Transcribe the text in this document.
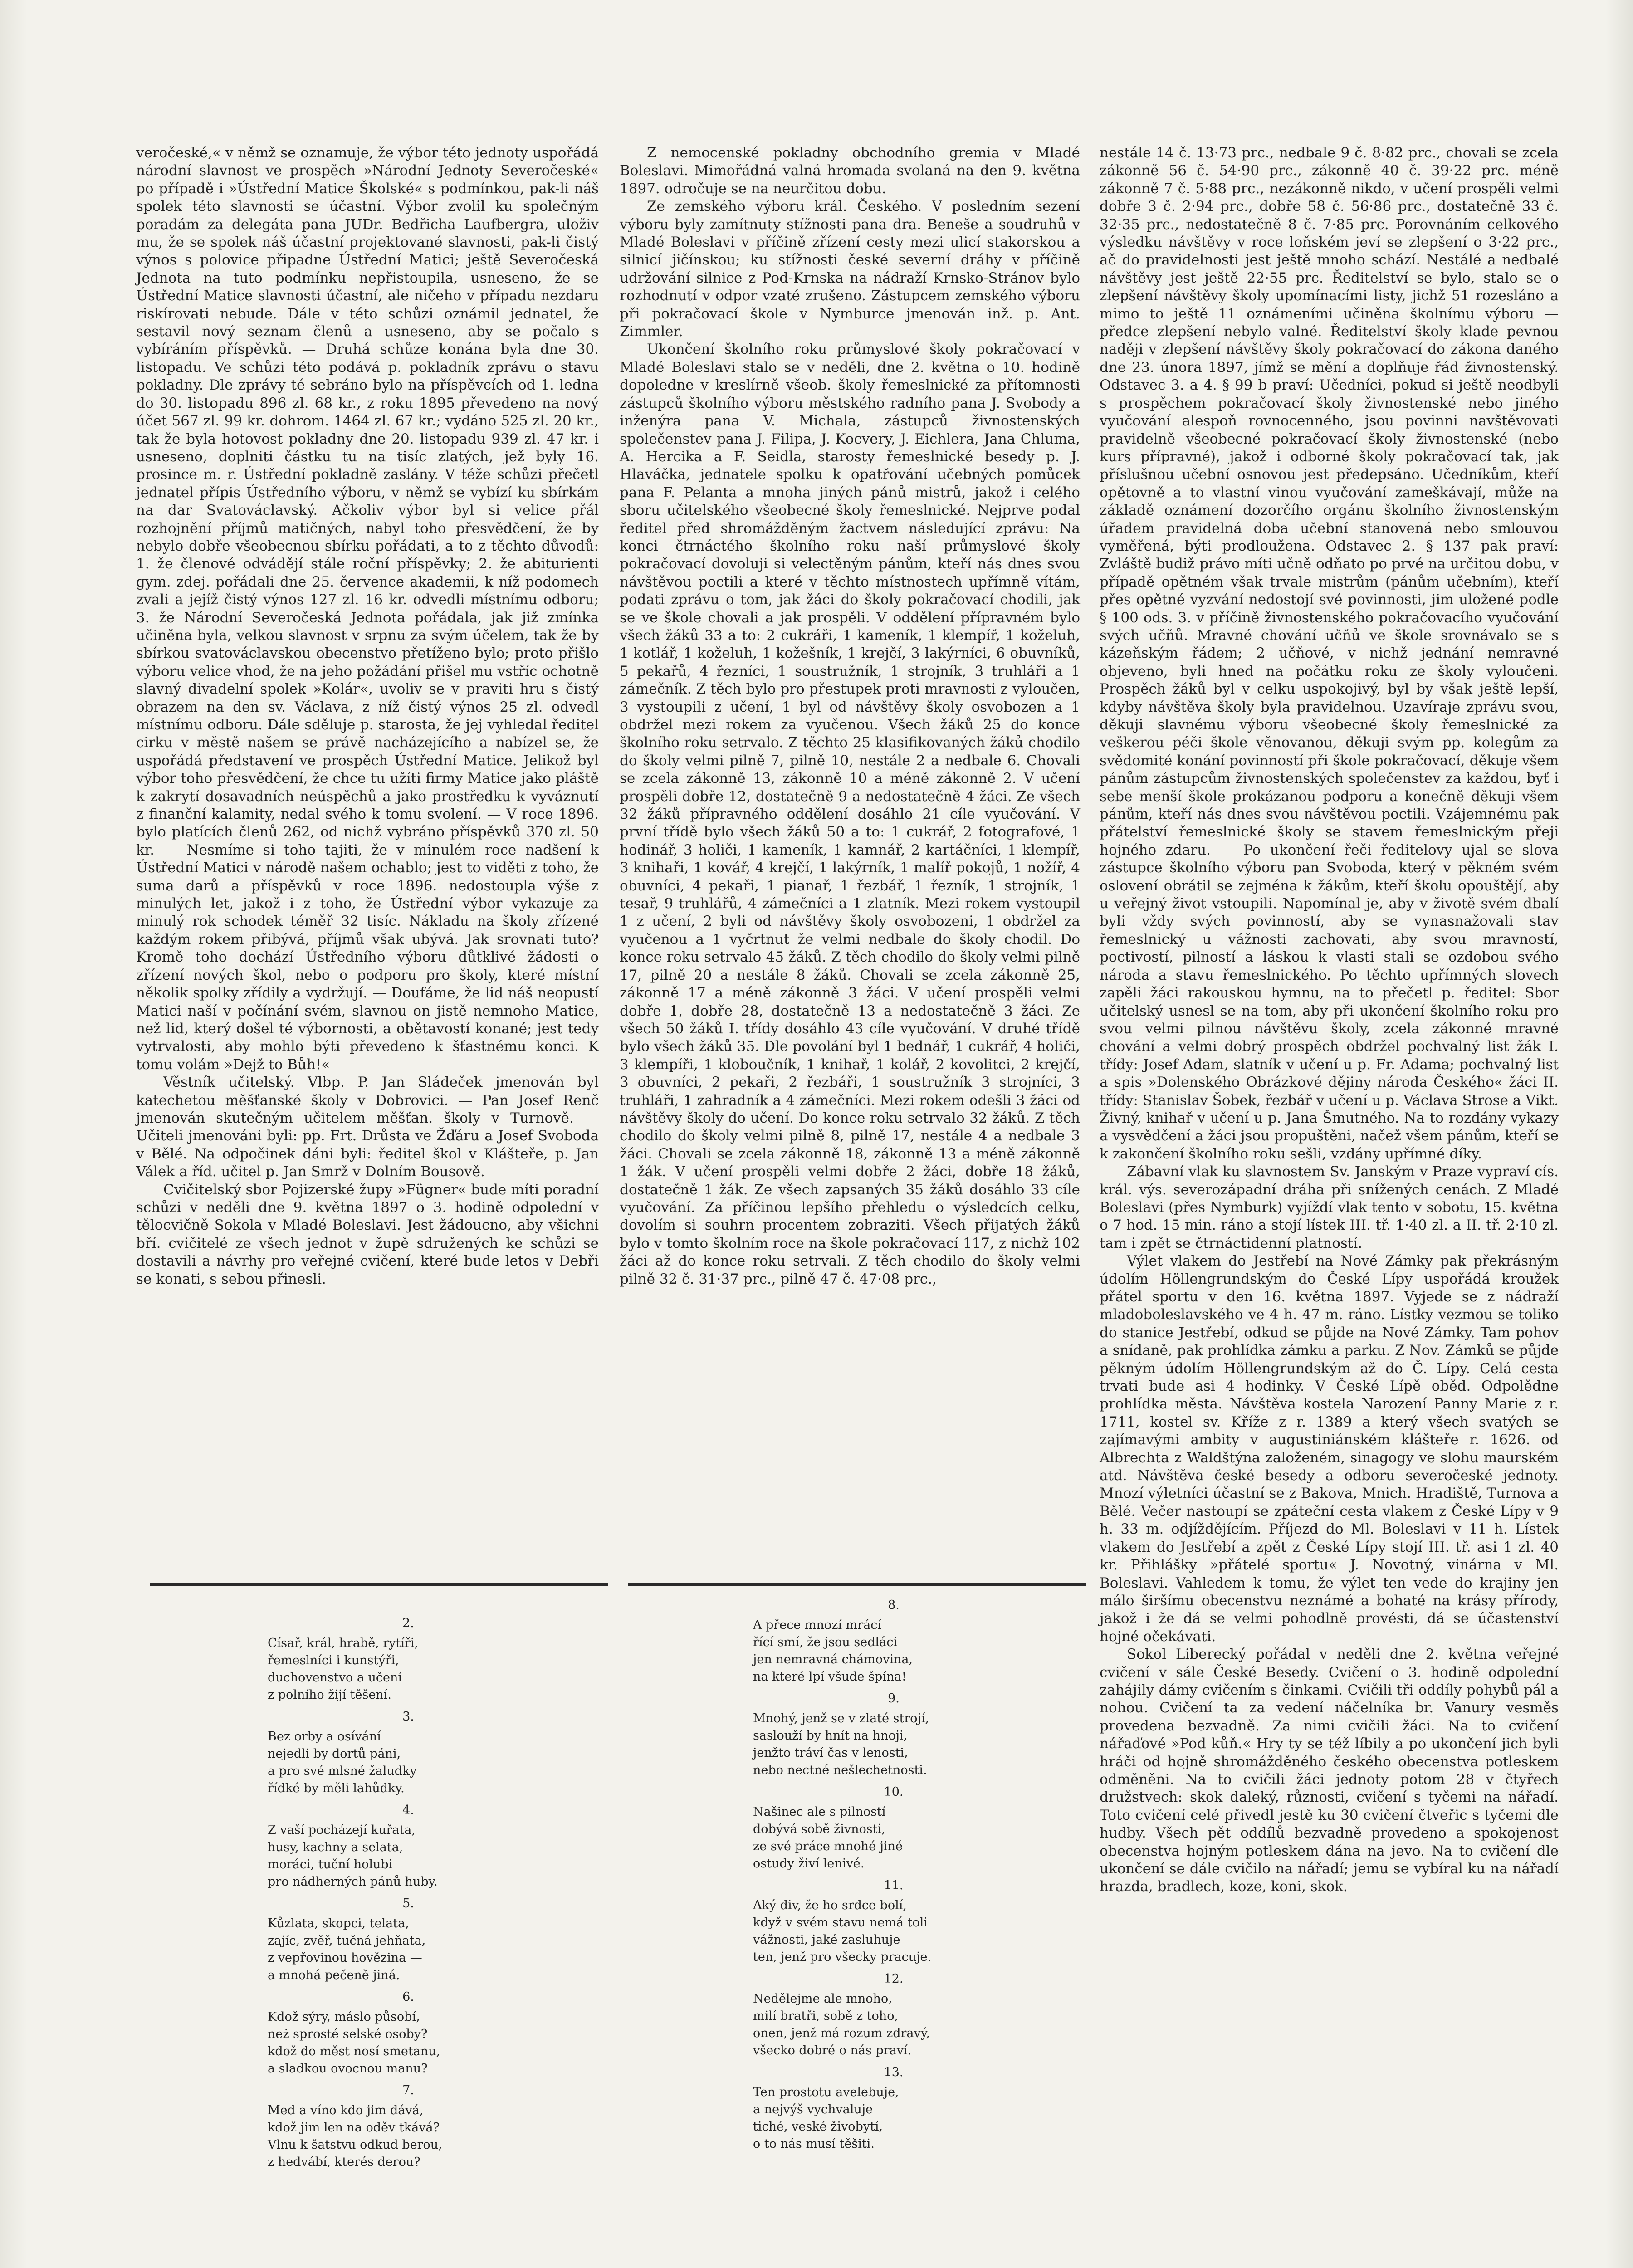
veročeské,« v němž se oznamuje, že výbor této jednoty uspořádá národní slavnost ve prospěch »Národní Jednoty Severočeské« po případě i »Ústřední Matice Školské« s podmínkou, pak-li náš spolek této slavnosti se účastní. Výbor zvolil ku společným poradám za delegáta pana JUDr. Bedřicha Laufbergra, uloživ mu, že se spolek náš účastní projektované slavnosti, pak-li čistý výnos s polovice připadne Ústřední Matici; ještě Severočeská Jednota na tuto podmínku nepřistoupila, usneseno, že se Ústřední Matice slavnosti účastní, ale ničeho v případu nezdaru riskírovati nebude. Dále v této schůzi oznámil jednatel, že sestavil nový seznam členů a usneseno, aby se počalo s vybíráním příspěvků. — Druhá schůze konána byla dne 30. listopadu. Ve schůzi této podává p. pokladník zprávu o stavu pokladny. Dle zprávy té sebráno bylo na příspěvcích od 1. ledna do 30. listopadu 896 zl. 68 kr., z roku 1895 převedeno na nový účet 567 zl. 99 kr. dohrom. 1464 zl. 67 kr.; vydáno 525 zl. 20 kr., tak že byla hotovost pokladny dne 20. listopadu 939 zl. 47 kr. i usneseno, doplniti částku tu na tisíc zlatých, jež byly 16. prosince m. r. Ústřední pokladně zaslány. V téže schůzi přečetl jednatel přípis Ústředního výboru, v němž se vybízí ku sbírkám na dar Svatováclavský. Ačkoliv výbor byl si velice přál rozhojnění příjmů matičných, nabyl toho přesvědčení, že by nebylo dobře všeobecnou sbírku pořádati, a to z těchto důvodů: 1. že členové odvádějí stále roční příspěvky; 2. že abiturienti gym. zdej. pořádali dne 25. července akademii, k níž podomech zvali a jejíž čistý výnos 127 zl. 16 kr. odvedli místnímu odboru; 3. že Národní Severočeská Jednota pořádala, jak již zmínka učiněna byla, velkou slavnost v srpnu za svým účelem, tak že by sbírkou svatováclavskou obecenstvo přetíženo bylo; proto přišlo výboru velice vhod, že na jeho požádání přišel mu vstříc ochotně slavný divadelní spolek »Kolár«, uvoliv se v praviti hru s čistý obrazem na den sv. Václava, z níž čistý výnos 25 zl. odvedl místnímu odboru. Dále sděluje p. starosta, že jej vyhledal ředitel cirku v městě našem se právě nacházejícího a nabízel se, že uspořádá představení ve prospěch Ústřední Matice. Jelikož byl výbor toho přesvědčení, že chce tu užíti firmy Matice jako pláště k zakrytí dosavadních neúspěchů a jako prostředku k vyváznutí z finanční kalamity, nedal svého k tomu svolení. — V roce 1896. bylo platících členů 262, od nichž vybráno příspěvků 370 zl. 50 kr. — Nesmíme si toho tajiti, že v minulém roce nadšení k Ústřední Matici v národě našem ochablo; jest to viděti z toho, že suma darů a příspěvků v roce 1896. nedostoupla výše z minulých let, jakož i z toho, že Ústřední výbor vykazuje za minulý rok schodek téměř 32 tisíc. Nákladu na školy zřízené každým rokem přibývá, příjmů však ubývá. Jak srovnati tuto? Kromě toho dochází Ústředního výboru důtklivé žádosti o zřízení nových škol, nebo o podporu pro školy, které místní několik spolky zřídily a vydržují. — Doufáme, že lid náš neopustí Matici naší v počínání svém, slavnou on jistě nemnoho Matice, než lid, který došel té výbornosti, a obětavostí konané; jest tedy vytrvalosti, aby mohlo býti převedeno k šťastnému konci. K tomu volám »Dejž to Bůh!«

Věstník učitelský. Vlbp. P. Jan Sládeček jmenován byl katechetou měšťanské školy v Dobrovici. — Pan Josef Renč jmenován skutečným učitelem měšťan. školy v Turnově. — Učiteli jmenováni byli: pp. Frt. Drůsta ve Žďáru a Josef Svoboda v Bělé. Na odpočinek dáni byli: ředitel škol v Klášteře, p. Jan Válek a říd. učitel p. Jan Smrž v Dolním Bousově.

Cvičitelský sbor Pojizerské župy »Fügner« bude míti poradní schůzi v neděli dne 9. května 1897 o 3. hodině odpolední v tělocvičně Sokola v Mladé Boleslavi. Jest žádoucno, aby všichni bří. cvičitelé ze všech jednot v župě sdružených ke schůzi se dostavili a návrhy pro veřejné cvičení, které bude letos v Debři se konati, s sebou přinesli.

Z nemocenské pokladny obchodního gremia v Mladé Boleslavi. Mimořádná valná hromada svolaná na den 9. května 1897. odročuje se na neurčitou dobu.

Ze zemského výboru král. Českého. V posledním sezení výboru byly zamítnuty stížnosti pana dra. Beneše a soudruhů v Mladé Boleslavi v příčině zřízení cesty mezi ulicí stakorskou a silnicí jičínskou; ku stížnosti české severní dráhy v příčině udržování silnice z Pod-Krnska na nádraží Krnsko-Stránov bylo rozhodnutí v odpor vzaté zrušeno. Zástupcem zemského výboru při pokračovací škole v Nymburce jmenován inž. p. Ant. Zimmler.

Ukončení školního roku průmyslové školy pokračovací v Mladé Boleslavi stalo se v neděli, dne 2. května o 10. hodině dopoledne v kreslírně všeob. školy řemeslnické za přítomnosti zástupců školního výboru městského radního pana J. Svobody a inženýra pana V. Michala, zástupců živnostenských společenstev pana J. Filipa, J. Kocvery, J. Eichlera, Jana Chluma, A. Hercika a F. Seidla, starosty řemeslnické besedy p. J. Hlaváčka, jednatele spolku k opatřování učebných pomůcek pana F. Pelanta a mnoha jiných pánů mistrů, jakož i celého sboru učitelského všeobecné školy řemeslnické. Nejprve podal ředitel před shromážděným žactvem následující zprávu: Na konci čtrnáctého školního roku naší průmyslové školy pokračovací dovoluji si velectěným pánům, kteří nás dnes svou návštěvou poctili a které v těchto místnostech upřímně vítám, podati zprávu o tom, jak žáci do školy pokračovací chodili, jak se ve škole chovali a jak prospěli. V oddělení přípravném bylo všech žáků 33 a to: 2 cukráři, 1 kameník, 1 klempíř, 1 koželuh, 1 kotlář, 1 koželuh, 1 kožešník, 1 krejčí, 3 lakýrníci, 6 obuvníků, 5 pekařů, 4 řezníci, 1 soustružník, 1 strojník, 3 truhláři a 1 zámečník. Z těch bylo pro přestupek proti mravnosti z vyloučen, 3 vystoupili z učení, 1 byl od návštěvy školy osvobozen a 1 obdržel mezi rokem za vyučenou. Všech žáků 25 do konce školního roku setrvalo. Z těchto 25 klasifikovaných žáků chodilo do školy velmi pilně 7, pilně 10, nestále 2 a nedbale 6. Chovali se zcela zákonně 13, zákonně 10 a méně zákonně 2. V učení prospěli dobře 12, dostatečně 9 a nedostatečně 4 žáci. Ze všech 32 žáků přípravného oddělení dosáhlo 21 cíle vyučování. V první třídě bylo všech žáků 50 a to: 1 cukrář, 2 fotografové, 1 hodinář, 3 holiči, 1 kameník, 1 kamnář, 2 kartáčníci, 1 klempíř, 3 knihaři, 1 kovář, 4 krejčí, 1 lakýrník, 1 malíř pokojů, 1 nožíř, 4 obuvníci, 4 pekaři, 1 pianař, 1 řezbář, 1 řezník, 1 strojník, 1 tesař, 9 truhlářů, 4 zámečníci a 1 zlatník. Mezi rokem vystoupil 1 z učení, 2 byli od návštěvy školy osvobozeni, 1 obdržel za vyučenou a 1 vyčrtnut že velmi nedbale do školy chodil. Do konce roku setrvalo 45 žáků. Z těch chodilo do školy velmi pilně 17, pilně 20 a nestále 8 žáků. Chovali se zcela zákonně 25, zákonně 17 a méně zákonně 3 žáci. V učení prospěli velmi dobře 1, dobře 28, dostatečně 13 a nedostatečně 3 žáci. Ze všech 50 žáků I. třídy dosáhlo 43 cíle vyučování. V druhé třídě bylo všech žáků 35. Dle povolání byl 1 bednář, 1 cukrář, 4 holiči, 3 klempíři, 1 kloboučník, 1 knihař, 1 kolář, 2 kovolitci, 2 krejčí, 3 obuvníci, 2 pekaři, 2 řezbáři, 1 soustružník 3 strojníci, 3 truhláři, 1 zahradník a 4 zámečníci. Mezi rokem odešli 3 žáci od návštěvy školy do učení. Do konce roku setrvalo 32 žáků. Z těch chodilo do školy velmi pilně 8, pilně 17, nestále 4 a nedbale 3 žáci. Chovali se zcela zákonně 18, zákonně 13 a méně zákonně 1 žák. V učení prospěli velmi dobře 2 žáci, dobře 18 žáků, dostatečně 1 žák. Ze všech zapsaných 35 žáků dosáhlo 33 cíle vyučování. Za příčinou lepšího přehledu o výsledcích celku, dovolím si souhrn procentem zobraziti. Všech přijatých žáků bylo v tomto školním roce na škole pokračovací 117, z nichž 102 žáci až do konce roku setrvali. Z těch chodilo do školy velmi pilně 32 č. 31·37 prc., pilně 47 č. 47·08 prc.,

nestále 14 č. 13·73 prc., nedbale 9 č. 8·82 prc., chovali se zcela zákonně 56 č. 54·90 prc., zákonně 40 č. 39·22 prc. méně zákonně 7 č. 5·88 prc., nezákonně nikdo, v učení prospěli velmi dobře 3 č. 2·94 prc., dobře 58 č. 56·86 prc., dostatečně 33 č. 32·35 prc., nedostatečně 8 č. 7·85 prc. Porovnáním celkového výsledku návštěvy v roce loňském jeví se zlepšení o 3·22 prc., ač do pravidelnosti jest ještě mnoho schází. Nestálé a nedbalé návštěvy jest ještě 22·55 prc. Ředitelství se bylo, stalo se o zlepšení návštěvy školy upomínacími listy, jichž 51 rozesláno a mimo to ještě 11 oznámeními učiněna školnímu výboru — předce zlepšení nebylo valné. Ředitelství školy klade pevnou naději v zlepšení návštěvy školy pokračovací do zákona daného dne 23. února 1897, jímž se mění a doplňuje řád živnostenský. Odstavec 3. a 4. § 99 b praví: Učedníci, pokud si ještě neodbyli s prospěchem pokračovací školy živnostenské nebo jiného vyučování alespoň rovnocenného, jsou povinni navštěvovati pravidelně všeobecné pokračovací školy živnostenské (nebo kurs přípravné), jakož i odborné školy pokračovací tak, jak příslušnou učební osnovou jest předepsáno. Učedníkům, kteří opětovně a to vlastní vinou vyučování zameškávají, může na základě oznámení dozorčího orgánu školního živnostenským úřadem pravidelná doba učební stanovená nebo smlouvou vyměřená, býti prodloužena. Odstavec 2. § 137 pak praví: Zvláště budiž právo míti učně odňato po prvé na určitou dobu, v případě opětném však trvale mistrům (pánům učebním), kteří přes opětné vyzvání nedostojí své povinnosti, jim uložené podle § 100 ods. 3. v příčině živnostenského pokračovacího vyučování svých učňů. Mravné chování učňů ve škole srovnávalo se s kázeňským řádem; 2 učňové, v nichž jednání nemravné objeveno, byli hned na počátku roku ze školy vyloučeni. Prospěch žáků byl v celku uspokojivý, byl by však ještě lepší, kdyby návštěva školy byla pravidelnou. Uzavíraje zprávu svou, děkuji slavnému výboru všeobecné školy řemeslnické za veškerou péči škole věnovanou, děkuji svým pp. kolegům za svědomité konání povinností při škole pokračovací, děkuje všem pánům zástupcům živnostenských společenstev za každou, byť i sebe menší škole prokázanou podporu a konečně děkuji všem pánům, kteří nás dnes svou návštěvou poctili. Vzájemnému pak přátelství řemeslnické školy se stavem řemeslnickým přeji hojného zdaru. — Po ukončení řeči ředitelovy ujal se slova zástupce školního výboru pan Svoboda, který v pěkném svém oslovení obrátil se zejména k žákům, kteří školu opouštějí, aby u veřejný život vstoupili. Napomínal je, aby v životě svém dbalí byli vždy svých povinností, aby se vynasnažovali stav řemeslnický u vážnosti zachovati, aby svou mravností, poctivostí, pilností a láskou k vlasti stali se ozdobou svého národa a stavu řemeslnického. Po těchto upřímných slovech zapěli žáci rakouskou hymnu, na to přečetl p. ředitel: Sbor učitelský usnesl se na tom, aby při ukončení školního roku pro svou velmi pilnou návštěvu školy, zcela zákonné mravné chování a velmi dobrý prospěch obdržel pochvalný list žák I. třídy: Josef Adam, slatník v učení u p. Fr. Adama; pochvalný list a spis »Dolenského Obrázkové dějiny národa Českého« žáci II. třídy: Stanislav Šobek, řezbář v učení u p. Václava Strose a Vikt. Živný, knihař v učení u p. Jana Šmutného. Na to rozdány vykazy a vysvědčení a žáci jsou propuštěni, načež všem pánům, kteří se k zakončení školního roku sešli, vzdány upřímné díky.

Zábavní vlak ku slavnostem Sv. Janským v Praze vypraví cís. král. výs. severozápadní dráha při snížených cenách. Z Mladé Boleslavi (přes Nymburk) vyjíždí vlak tento v sobotu, 15. května o 7 hod. 15 min. ráno a stojí lístek III. tř. 1·40 zl. a II. tř. 2·10 zl. tam i zpět se čtrnáctidenní platností.

Výlet vlakem do Jestřebí na Nové Zámky pak překrásným údolím Höllengrundským do České Lípy uspořádá kroužek přátel sportu v den 16. května 1897. Vyjede se z nádraží mladoboleslavského ve 4 h. 47 m. ráno. Lístky vezmou se toliko do stanice Jestřebí, odkud se půjde na Nové Zámky. Tam pohov a snídaně, pak prohlídka zámku a parku. Z Nov. Zámků se půjde pěkným údolím Höllengrundským až do Č. Lípy. Celá cesta trvati bude asi 4 hodinky. V České Lípě oběd. Odpolědne prohlídka města. Návštěva kostela Narození Panny Marie z r. 1711, kostel sv. Kříže z r. 1389 a který všech svatých se zajímavými ambity v augustiniánském klášteře r. 1626. od Albrechta z Waldštýna založeném, sinagogy ve slohu maurském atd. Návštěva české besedy a odboru severočeské jednoty. Mnozí výletníci účastní se z Bakova, Mnich. Hradiště, Turnova a Bělé. Večer nastoupí se zpáteční cesta vlakem z České Lípy v 9 h. 33 m. odjíždějícím. Příjezd do Ml. Boleslavi v 11 h. Lístek vlakem do Jestřebí a zpět z České Lípy stojí III. tř. asi 1 zl. 40 kr. Přihlášky »přátelé sportu« J. Novotný, vinárna v Ml. Boleslavi. Vahledem k tomu, že výlet ten vede do krajiny jen málo širšímu obecenstvu neznámé a bohaté na krásy přírody, jakož i že dá se velmi pohodlně provésti, dá se účastenství hojné očekávati.

Sokol Liberecký pořádal v neděli dne 2. května veřejné cvičení v sále České Besedy. Cvičení o 3. hodině odpolední zahájily dámy cvičením s činkami. Cvičili tři oddíly pohybů pál a nohou. Cvičení ta za vedení náčelníka br. Vanury vesměs provedena bezvadně. Za nimi cvičili žáci. Na to cvičení nářaďové »Pod kůň.« Hry ty se též líbily a po ukončení jich byli hráči od hojně shromážděného českého obecenstva potleskem odměněni. Na to cvičili žáci jednoty potom 28 v čtyřech družstvech: skok daleký, různosti, cvičení s tyčemi na nářadí. Toto cvičení celé přivedl jestě ku 30 cvičení čtveřic s tyčemi dle hudby. Všech pět oddílů bezvadně provedeno a spokojenost obecenstva hojným potleskem dána na jevo. Na to cvičení dle ukončení se dále cvičilo na nářadí; jemu se vybíral ku na nářadí hrazda, bradlech, koze, koni, skok.

2.
Císař, král, hrabě, rytíři,
řemeslníci i kunstýři,
duchovenstvo a učení
z polního žijí těšení.
3.
Bez orby a osívání
nejedli by dortů páni,
a pro své mlsné žaludky
řídké by měli lahůdky.
4.
Z vaší pocházejí kuřata,
husy, kachny a selata,
moráci, tuční holubi
pro nádherných pánů huby.
5.
Kůzlata, skopci, telata,
zajíc, zvěř, tučná jehňata,
z vepřovinou hovězina —
a mnohá pečeně jiná.
6.
Kdož sýry, máslo působí,
neż sprosté selské osoby?
kdož do měst nosí smetanu,
a sladkou ovocnou manu?
7.
Med a víno kdo jim dává,
kdož jim len na oděv tkává?
Vlnu k šatstvu odkud berou,
z hedvábí, kterés derou?
8.
A přece mnozí mrácí
řící smí, že jsou sedláci
jen nemravná chámovina,
na které lpí všude špína!
9.
Mnohý, jenž se v zlaté strojí,
saslouží by hnít na hnoji,
jenžto tráví čas v lenosti,
nebo nectné nešlechetnosti.
10.
Našinec ale s pilností
dobývá sobě živnosti,
ze své práce mnohé jiné
ostudy živí lenivé.
11.
Aký div, že ho srdce bolí,
když v svém stavu nemá toli
vážnosti, jaké zasluhuje
ten, jenž pro všecky pracuje.
12.
Nedělejme ale mnoho,
milí bratři, sobě z toho,
onen, jenž má rozum zdravý,
všecko dobré o nás praví.
13.
Ten prostotu avelebuje,
a nejvýš vychvaluje
tiché, veské živobytí,
o to nás musí těšiti.
